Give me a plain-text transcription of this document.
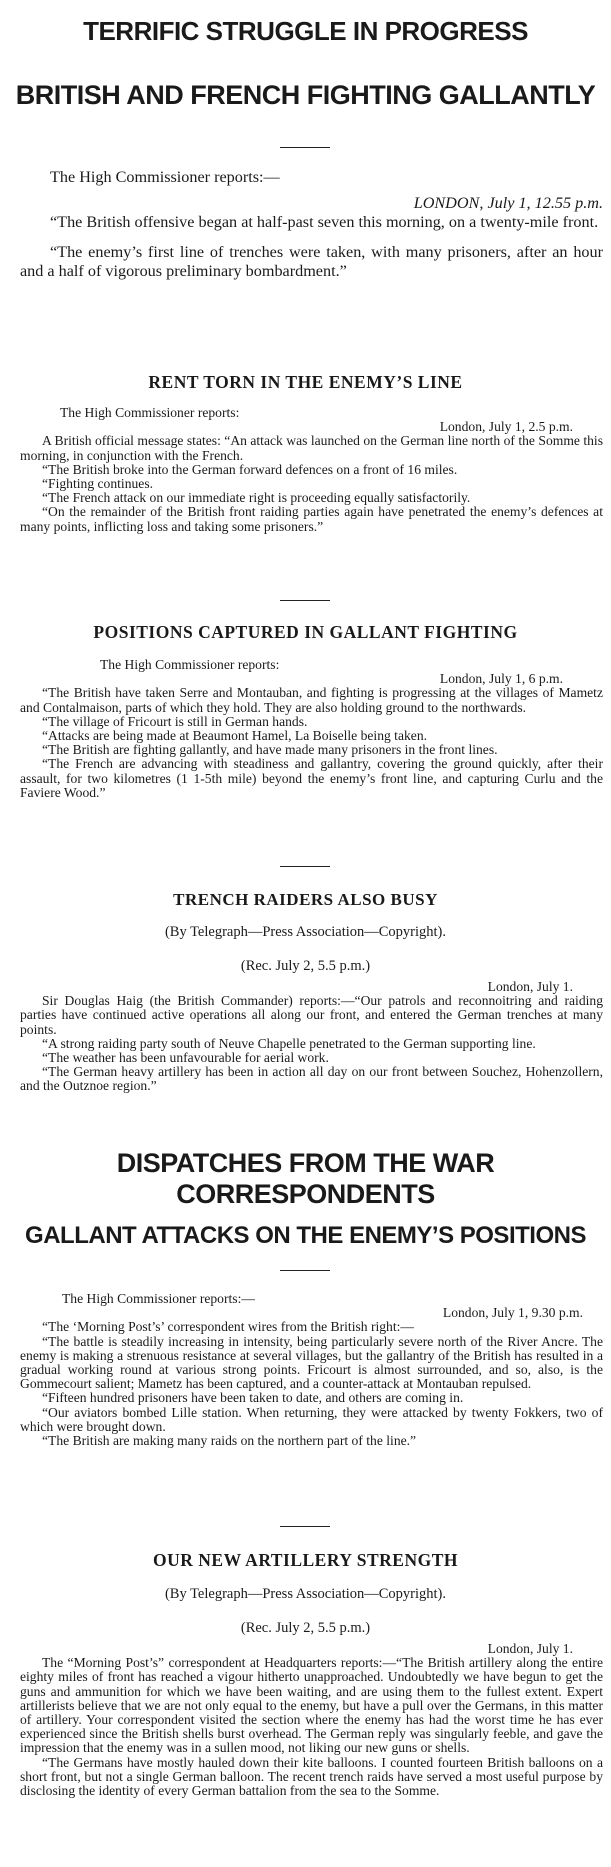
TERRIFIC STRUGGLE IN PROGRESS
BRITISH AND FRENCH FIGHTING GALLANTLY

The High Commissioner reports:—

LONDON, July 1, 12.55 p.m.

“The British offensive began at half-past seven this morning, on a twenty-mile front.

“The enemy’s first line of trenches were taken, with many prisoners, after an hour and a half of vigorous preliminary bombardment.”

RENT TORN IN THE ENEMY’S LINE

The High Commissioner reports:

London, July 1, 2.5 p.m.

A British official message states: “An attack was launched on the German line north of the Somme this morning, in conjunction with the French.

“The British broke into the German forward defences on a front of 16 miles.

“Fighting continues.

“The French attack on our immediate right is proceeding equally satisfactorily.

“On the remainder of the British front raiding parties again have penetrated the enemy’s defences at many points, inflicting loss and taking some prisoners.”

POSITIONS CAPTURED IN GALLANT FIGHTING

The High Commissioner reports:

London, July 1, 6 p.m.

“The British have taken Serre and Montauban, and fighting is progressing at the villages of Mametz and Contalmaison, parts of which they hold. They are also holding ground to the northwards.

“The village of Fricourt is still in German hands.

“Attacks are being made at Beaumont Hamel, La Boiselle being taken.

“The British are fighting gallantly, and have made many prisoners in the front lines.

“The French are advancing with steadiness and gallantry, covering the ground quickly, after their assault, for two kilometres (1 1-5th mile) beyond the enemy’s front line, and capturing Curlu and the Faviere Wood.”

TRENCH RAIDERS ALSO BUSY
(By Telegraph—Press Association—Copyright).
(Rec. July 2, 5.5 p.m.)

London, July 1.

Sir Douglas Haig (the British Commander) reports:—“Our patrols and reconnoitring and raiding parties have continued active operations all along our front, and entered the German trenches at many points.

“A strong raiding party south of Neuve Chapelle penetrated to the German supporting line.

“The weather has been unfavourable for aerial work.

“The German heavy artillery has been in action all day on our front between Souchez, Hohenzollern, and the Outznoe region.”

DISPATCHES FROM THE WAR CORRESPONDENTS
GALLANT ATTACKS ON THE ENEMY’S POSITIONS

The High Commissioner reports:—

London, July 1, 9.30 p.m.

“The ‘Morning Post’s’ correspondent wires from the British right:—

“The battle is steadily increasing in intensity, being particularly severe north of the River Ancre. The enemy is making a strenuous resistance at several villages, but the gallantry of the British has resulted in a gradual working round at various strong points. Fricourt is almost surrounded, and so, also, is the Gommecourt salient; Mametz has been captured, and a counter-attack at Montauban repulsed.

“Fifteen hundred prisoners have been taken to date, and others are coming in.

“Our aviators bombed Lille station. When returning, they were attacked by twenty Fokkers, two of which were brought down.

“The British are making many raids on the northern part of the line.”

OUR NEW ARTILLERY STRENGTH
(By Telegraph—Press Association—Copyright).
(Rec. July 2, 5.5 p.m.)

London, July 1.

The “Morning Post’s” correspondent at Headquarters reports:—“The British artillery along the entire eighty miles of front has reached a vigour hitherto unapproached. Undoubtedly we have begun to get the guns and ammunition for which we have been waiting, and are using them to the fullest extent. Expert artillerists believe that we are not only equal to the enemy, but have a pull over the Germans, in this matter of artillery. Your correspondent visited the section where the enemy has had the worst time he has ever experienced since the British shells burst overhead. The German reply was singularly feeble, and gave the impression that the enemy was in a sullen mood, not liking our new guns or shells.

“The Germans have mostly hauled down their kite balloons. I counted fourteen British balloons on a short front, but not a single German balloon. The recent trench raids have served a most useful purpose by disclosing the identity of every German battalion from the sea to the Somme.
